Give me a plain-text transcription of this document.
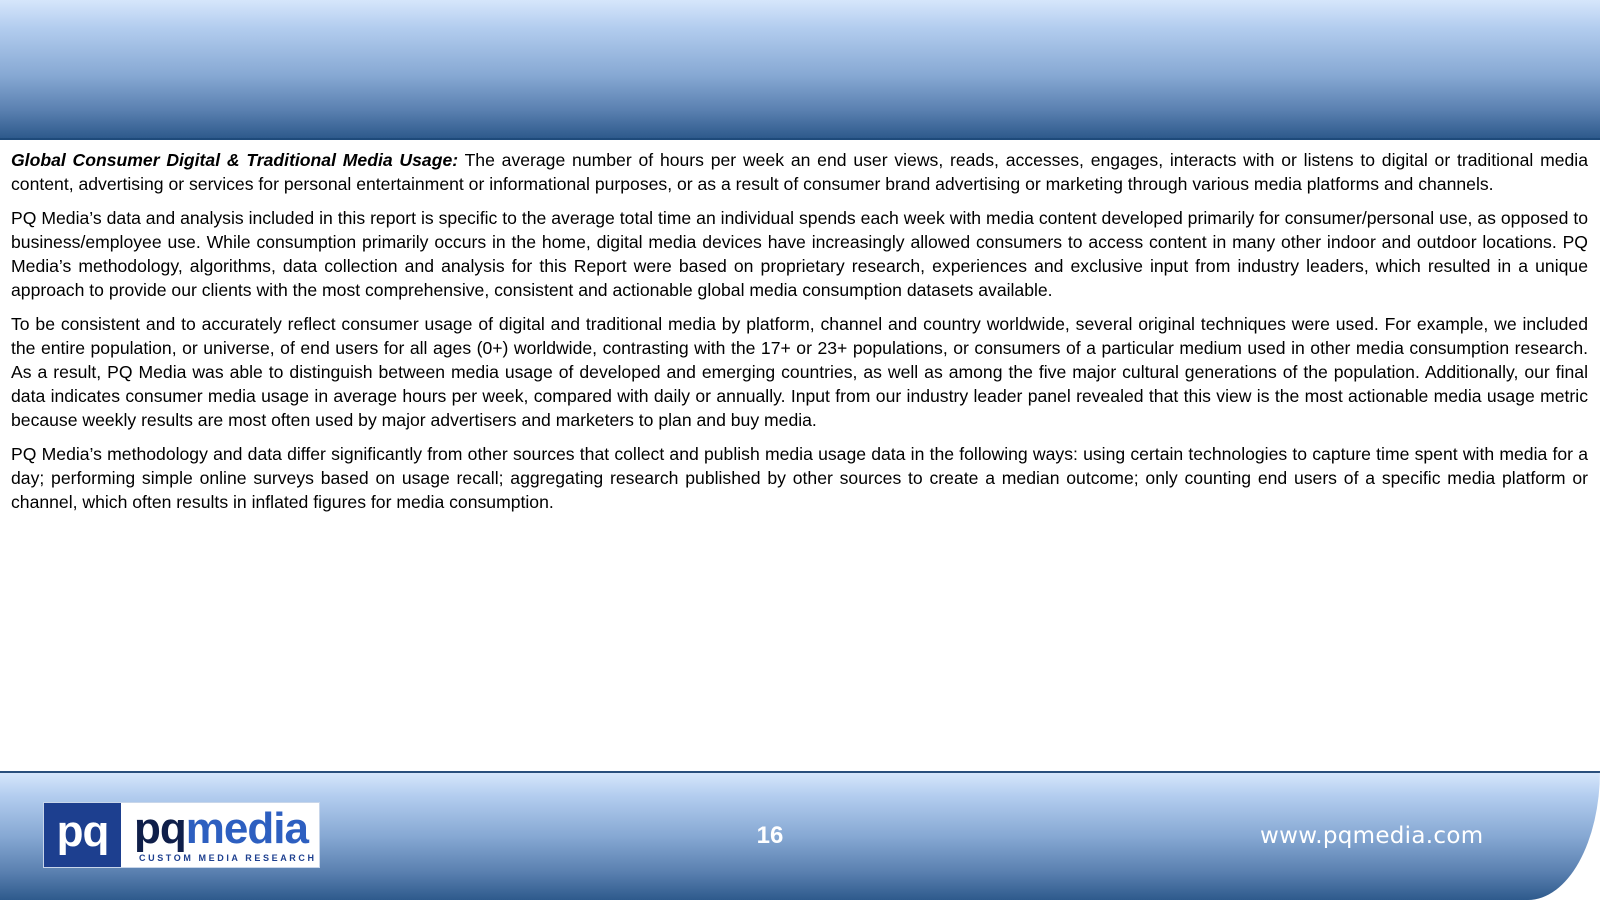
Global Consumer Digital & Traditional Media Usage: The average number of hours per week an end user views, reads, accesses, engages, interacts with or listens to digital or traditional media content, advertising or services for personal entertainment or informational purposes, or as a result of consumer brand advertising or marketing through various media platforms and channels.

PQ Media’s data and analysis included in this report is specific to the average total time an individual spends each week with media content developed primarily for consumer/personal use, as opposed to business/employee use. While consumption primarily occurs in the home, digital media devices have increasingly allowed consumers to access content in many other indoor and outdoor locations. PQ Media’s methodology, algorithms, data collection and analysis for this Report were based on proprietary research, experiences and exclusive input from industry leaders, which resulted in a unique approach to provide our clients with the most comprehensive, consistent and actionable global media consumption datasets available.

To be consistent and to accurately reflect consumer usage of digital and traditional media by platform, channel and country worldwide, several original techniques were used. For example, we included the entire population, or universe, of end users for all ages (0+) worldwide, contrasting with the 17+ or 23+ populations, or consumers of a particular medium used in other media consumption research. As a result, PQ Media was able to distinguish between media usage of developed and emerging countries, as well as among the five major cultural generations of the population. Additionally, our final data indicates consumer media usage in average hours per week, compared with daily or annually. Input from our industry leader panel revealed that this view is the most actionable media usage metric because weekly results are most often used by major advertisers and marketers to plan and buy media.

PQ Media’s methodology and data differ significantly from other sources that collect and publish media usage data in the following ways: using certain technologies to capture time spent with media for a day; performing simple online surveys based on usage recall; aggregating research published by other sources to create a median outcome; only counting end users of a specific media platform or channel, which often results in inflated figures for media consumption.

pq pqmedia
CUSTOM MEDIA RESEARCH
16	www.pqmedia.com
